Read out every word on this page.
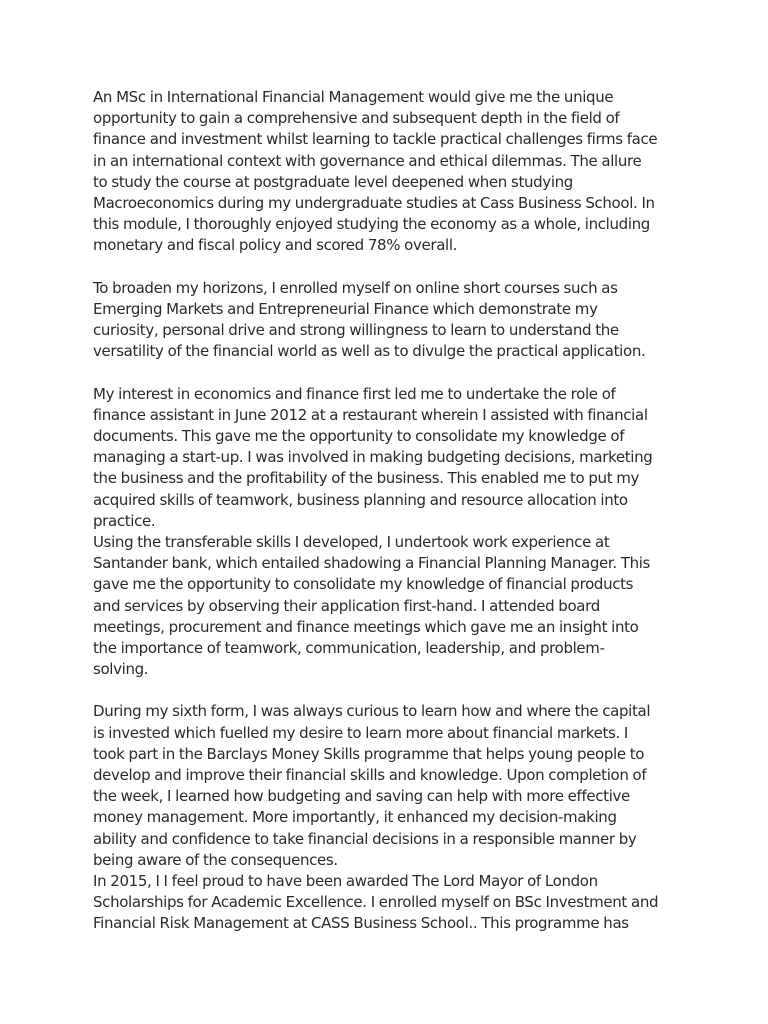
An MSc in International Financial Management would give me the unique
opportunity to gain a comprehensive and subsequent depth in the field of
finance and investment whilst learning to tackle practical challenges firms face
in an international context with governance and ethical dilemmas. The allure
to study the course at postgraduate level deepened when studying
Macroeconomics during my undergraduate studies at Cass Business School. In
this module, I thoroughly enjoyed studying the economy as a whole, including
monetary and fiscal policy and scored 78% overall.
To broaden my horizons, I enrolled myself on online short courses such as
Emerging Markets and Entrepreneurial Finance which demonstrate my
curiosity, personal drive and strong willingness to learn to understand the
versatility of the financial world as well as to divulge the practical application.
My interest in economics and finance first led me to undertake the role of
finance assistant in June 2012 at a restaurant wherein I assisted with financial
documents. This gave me the opportunity to consolidate my knowledge of
managing a start-up. I was involved in making budgeting decisions, marketing
the business and the profitability of the business. This enabled me to put my
acquired skills of teamwork, business planning and resource allocation into
practice.
Using the transferable skills I developed, I undertook work experience at
Santander bank, which entailed shadowing a Financial Planning Manager. This
gave me the opportunity to consolidate my knowledge of financial products
and services by observing their application first-hand. I attended board
meetings, procurement and finance meetings which gave me an insight into
the importance of teamwork, communication, leadership, and problem-
solving.
During my sixth form, I was always curious to learn how and where the capital
is invested which fuelled my desire to learn more about financial markets. I
took part in the Barclays Money Skills programme that helps young people to
develop and improve their financial skills and knowledge. Upon completion of
the week, I learned how budgeting and saving can help with more effective
money management. More importantly, it enhanced my decision-making
ability and confidence to take financial decisions in a responsible manner by
being aware of the consequences.
In 2015, I I feel proud to have been awarded The Lord Mayor of London
Scholarships for Academic Excellence. I enrolled myself on BSc Investment and
Financial Risk Management at CASS Business School.. This programme has
